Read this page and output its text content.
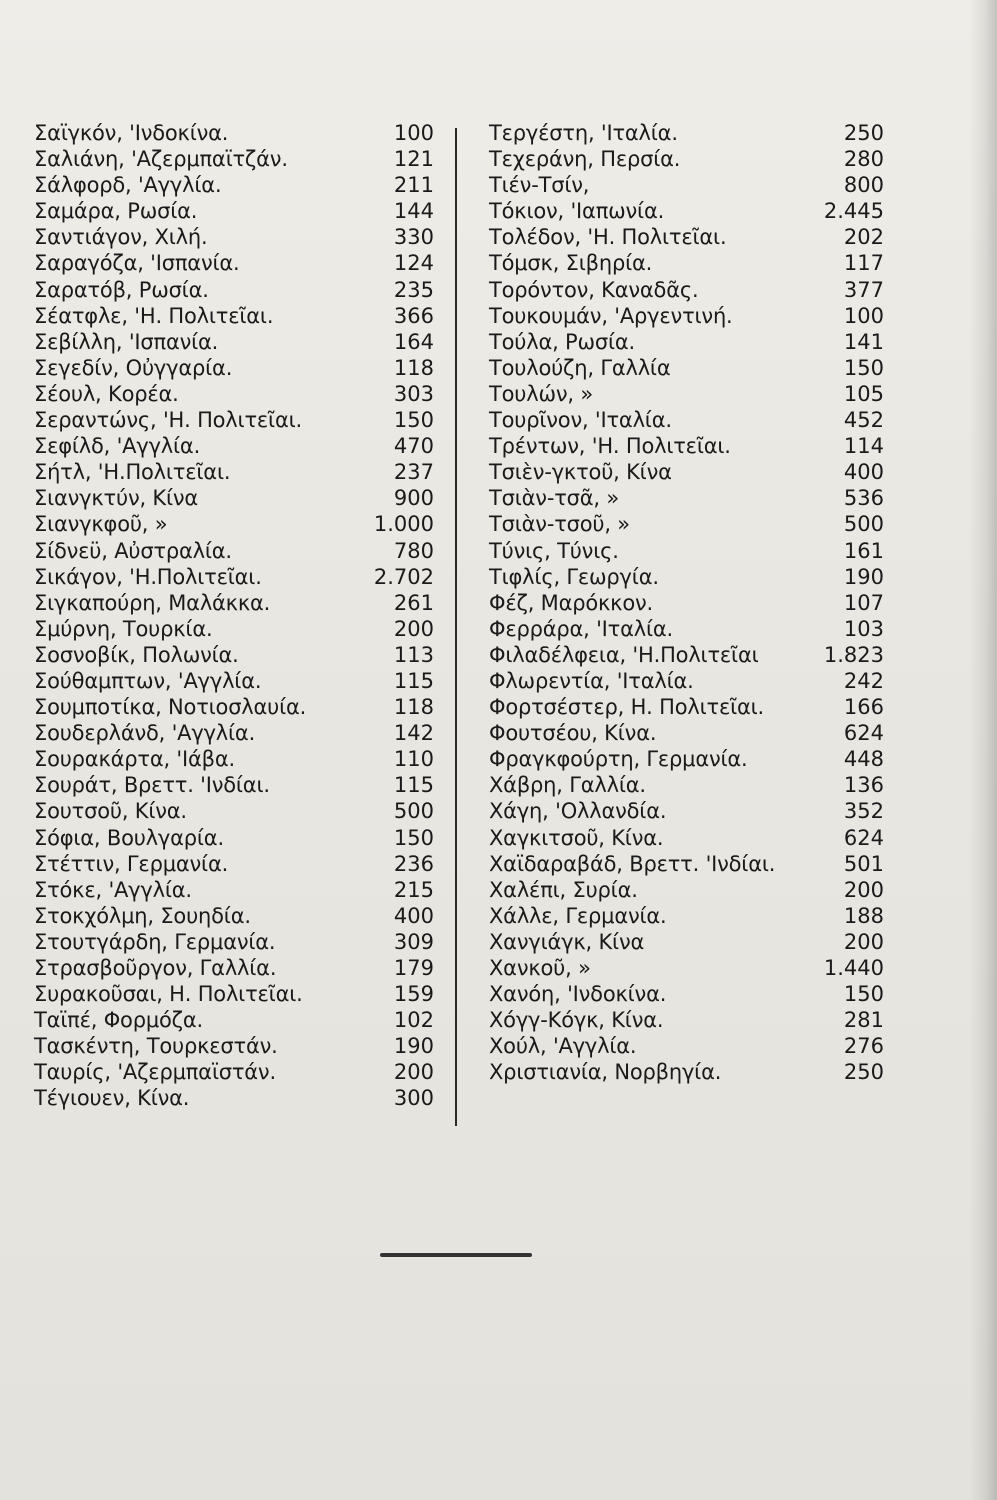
Σαϊγκόν, 'Ινδοκίνα.	100
Σαλιάνη, 'Αζερμπαϊτζάν.	121
Σάλφορδ, 'Αγγλία.	211
Σαμάρα, Ρωσία.	144
Σαντιάγον, Χιλή.	330
Σαραγόζα, 'Ισπανία.	124
Σαρατόβ, Ρωσία.	235
Σέατφλε, 'Η. Πολιτεῖαι.	366
Σεβίλλη, 'Ισπανία.	164
Σεγεδίν, Οὐγγαρία.	118
Σέουλ, Κορέα.	303
Σεραντώνς, 'Η. Πολιτεῖαι.	150
Σεφίλδ, 'Αγγλία.	470
Σήτλ, 'Η.Πολιτεῖαι.	237
Σιανγκτύν, Κίνα	900
Σιανγκφοῦ, »	1.000
Σίδνεϋ, Αὐστραλία.	780
Σικάγον, 'Η.Πολιτεῖαι.	2.702
Σιγκαπούρη, Μαλάκκα.	261
Σμύρνη, Τουρκία.	200
Σοσνοβίκ, Πολωνία.	113
Σούθαμπτων, 'Αγγλία.	115
Σουμποτίκα, Νοτιοσλαυία.	118
Σουδερλάνδ, 'Αγγλία.	142
Σουρακάρτα, 'Ιάβα.	110
Σουράτ, Βρεττ. 'Ινδίαι.	115
Σουτσοῦ, Κίνα.	500
Σόφια, Βουλγαρία.	150
Στέττιν, Γερμανία.	236
Στόκε, 'Αγγλία.	215
Στοκχόλμη, Σουηδία.	400
Στουτγάρδη, Γερμανία.	309
Στρασβοῦργον, Γαλλία.	179
Συρακοῦσαι, Η. Πολιτεῖαι.	159
Ταϊπέ, Φορμόζα.	102
Τασκέντη, Τουρκεστάν.	190
Ταυρίς, 'Αζερμπαϊστάν.	200
Τέγιουεν, Κίνα.	300
Τεργέστη, 'Ιταλία.	250
Τεχεράνη, Περσία.	280
Τιέν-Τσίν,	800
Τόκιον, 'Ιαπωνία.	2.445
Τολέδον, 'Η. Πολιτεῖαι.	202
Τόμσκ, Σιβηρία.	117
Τορόντον, Καναδᾶς.	377
Τουκουμάν, 'Αργεντινή.	100
Τούλα, Ρωσία.	141
Τουλούζη, Γαλλία	150
Τουλών, »	105
Τουρῖνον, 'Ιταλία.	452
Τρέντων, 'Η. Πολιτεῖαι.	114
Τσιὲν-γκτοῦ, Κίνα	400
Τσιὰν-τσᾶ, »	536
Τσιὰν-τσοῦ, »	500
Τύνις, Τύνις.	161
Τιφλίς, Γεωργία.	190
Φέζ, Μαρόκκον.	107
Φερράρα, 'Ιταλία.	103
Φιλαδέλφεια, 'Η.Πολιτεῖαι	1.823
Φλωρεντία, 'Ιταλία.	242
Φορτσέστερ, Η. Πολιτεῖαι.	166
Φουτσέου, Κίνα.	624
Φραγκφούρτη, Γερμανία.	448
Χάβρη, Γαλλία.	136
Χάγη, 'Ολλανδία.	352
Χαγκιτσοῦ, Κίνα.	624
Χαϊδαραβάδ, Βρεττ. 'Ινδίαι.	501
Χαλέπι, Συρία.	200
Χάλλε, Γερμανία.	188
Χανγιάγκ, Κίνα	200
Χανκοῦ, »	1.440
Χανόη, 'Ινδοκίνα.	150
Χόγγ-Κόγκ, Κίνα.	281
Χούλ, 'Αγγλία.	276
Χριστιανία, Νορβηγία.	250
